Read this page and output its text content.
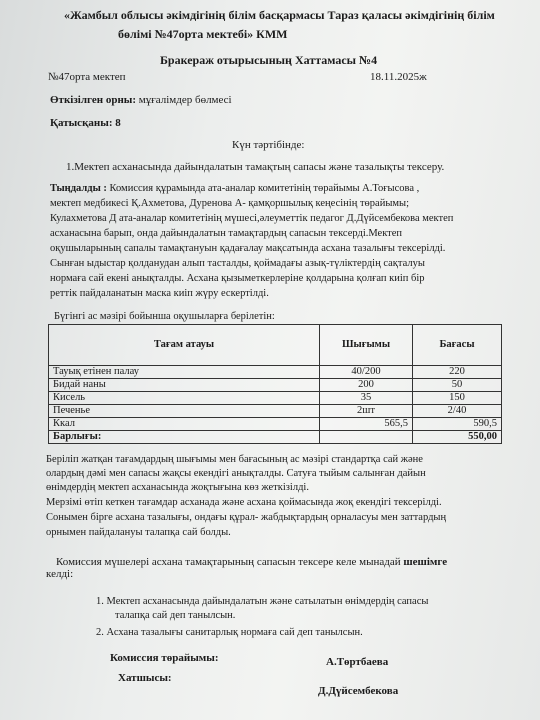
«Жамбыл облысы әкімдігінің білім басқармасы Тараз қаласы әкімдігінің білім
бөлімі №47орта мектебі» КММ
Бракераж отырысының Хаттамасы №4
№47орта мектеп	18.11.2025ж
Өткізілген орны: мұғалімдер бөлмесі
Қатысқаны: 8
Күн тәртібінде:
1.Мектеп асханасында дайындалатын тамақтың сапасы және тазалықты тексеру.
Тыңдалды : Комиссия құрамында ата-аналар комитетінің төрайымы А.Тоғысова ,
мектеп медбикесі Қ.Ахметова, Дуренова А- қамқоршылық кеңесінің төрайымы;
Кулахметова Д ата-аналар комитетінің мүшесі,әлеуметтік педагог Д.Дүйсембекова мектеп
асханасына барып, онда дайындалатын тамақтардың сапасын тексерді.Мектеп
оқушыларының сапалы тамақтануын қадағалау мақсатында асхана тазалығы тексерілді.
Сынған ыдыстар қолданудан алып тасталды, қоймадағы азық-түліктердің сақталуы
нормаға сай екені анықталды. Асхана қызыметкерлеріне қолдарына қолғап киіп бір
реттік пайдаланатын маска киіп жүру ескертілді.
Бүгінгі ас мәзірі бойынша оқушыларға берілетін:
Тағам атауы	Шығымы	Бағасы
Тауық етінен палау	40/200	220
Бидай наны	200	50
Кисель	35	150
Печенье	2шт	2/40
Ккал	565,5	590,5
Барлығы:		550,00
Беріліп жатқан тағамдардың шығымы мен бағасының ас мәзірі стандартқа сай және
олардың дәмі мен сапасы жақсы екендігі анықталды. Сатуға тыйым салынған дайын
өнімдердің мектеп асханасында жоқтығына көз жеткізілді.
Мерзімі өтіп кеткен тағамдар асханада және асхана қоймасында жоқ екендігі тексерілді.
Сонымен бірге асхана тазалығы, ондағы құрал- жабдықтардың орналасуы мен заттардың
орнымен пайдалануы талапқа сай болды.
Комиссия мүшелері асхана тамақтарының сапасын тексере келе мынадай шешімге
келді:
1. Мектеп асханасында дайындалатын және сатылатын өнімдердің сапасы
талапқа сай деп танылсын.
2. Асхана тазалығы санитарлық нормаға сай деп танылсын.
Комиссия төрайымы:	А.Төртбаева
Хатшысы:
Д.Дүйсембекова
